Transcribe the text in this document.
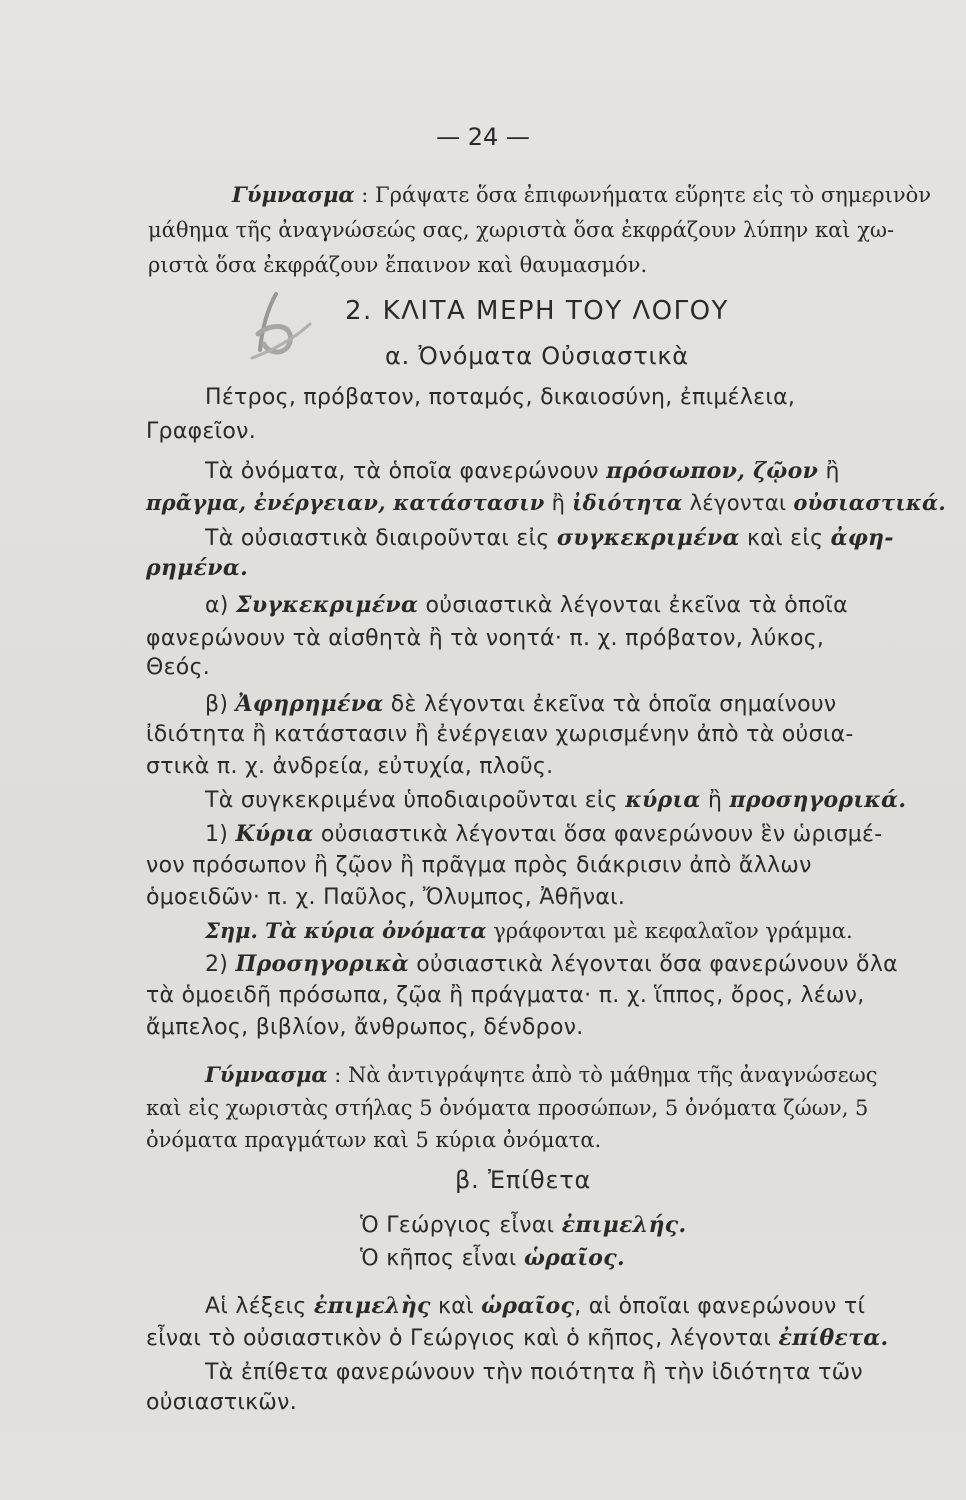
— 24 —
Γύμνασμα : Γράψατε ὅσα ἐπιφωνήματα εὕρητε εἰς τὸ σημερινὸν
μάθημα τῆς ἀναγνώσεώς σας, χωριστὰ ὅσα ἐκφράζουν λύπην καὶ χω-
ριστὰ ὅσα ἐκφράζουν ἔπαινον καὶ θαυμασμόν.
2. ΚΛΙΤΑ ΜΕΡΗ ΤΟΥ ΛΟΓΟΥ
α. Ὀνόματα Οὐσιαστικὰ
Πέτρος, πρόβατον, ποταμός, δικαιοσύνη, ἐπιμέλεια,
Γραφεῖον.
Τὰ ὀνόματα, τὰ ὁποῖα φανερώνουν πρόσωπον, ζῷον ἢ
πρᾶγμα, ἐνέργειαν, κατάστασιν ἢ ἰδιότητα λέγονται οὐσιαστικά.
Τὰ οὐσιαστικὰ διαιροῦνται εἰς συγκεκριμένα καὶ εἰς ἀφη-
ρημένα.
α) Συγκεκριμένα οὐσιαστικὰ λέγονται ἐκεῖνα τὰ ὁποῖα
φανερώνουν τὰ αἰσθητὰ ἢ τὰ νοητά· π. χ. πρόβατον, λύκος,
Θεός.
β) Ἀφηρημένα δὲ λέγονται ἐκεῖνα τὰ ὁποῖα σημαίνουν
ἰδιότητα ἢ κατάστασιν ἢ ἐνέργειαν χωρισμένην ἀπὸ τὰ οὐσια-
στικὰ π. χ. ἀνδρεία, εὐτυχία, πλοῦς.
Τὰ συγκεκριμένα ὑποδιαιροῦνται εἰς κύρια ἢ προσηγορικά.
1) Κύρια οὐσιαστικὰ λέγονται ὅσα φανερώνουν ἓν ὡρισμέ-
νον πρόσωπον ἢ ζῷον ἢ πρᾶγμα πρὸς διάκρισιν ἀπὸ ἄλλων
ὁμοειδῶν· π. χ. Παῦλος, Ὄλυμπος, Ἀθῆναι.
Σημ. Τὰ κύρια ὀνόματα γράφονται μὲ κεφαλαῖον γράμμα.
2) Προσηγορικὰ οὐσιαστικὰ λέγονται ὅσα φανερώνουν ὅλα
τὰ ὁμοειδῆ πρόσωπα, ζῷα ἢ πράγματα· π. χ. ἵππος, ὄρος, λέων,
ἄμπελος, βιβλίον, ἄνθρωπος, δένδρον.
Γύμνασμα : Νὰ ἀντιγράψητε ἀπὸ τὸ μάθημα τῆς ἀναγνώσεως
καὶ εἰς χωριστὰς στήλας 5 ὀνόματα προσώπων, 5 ὀνόματα ζώων, 5
ὀνόματα πραγμάτων καὶ 5 κύρια ὀνόματα.
β. Ἐπίθετα
Ὁ Γεώργιος εἶναι ἐπιμελής.
Ὁ κῆπος εἶναι ὡραῖος.
Αἱ λέξεις ἐπιμελὴς καὶ ὡραῖος, αἱ ὁποῖαι φανερώνουν τί
εἶναι τὸ οὐσιαστικὸν ὁ Γεώργιος καὶ ὁ κῆπος, λέγονται ἐπίθετα.
Τὰ ἐπίθετα φανερώνουν τὴν ποιότητα ἢ τὴν ἰδιότητα τῶν
οὐσιαστικῶν.
